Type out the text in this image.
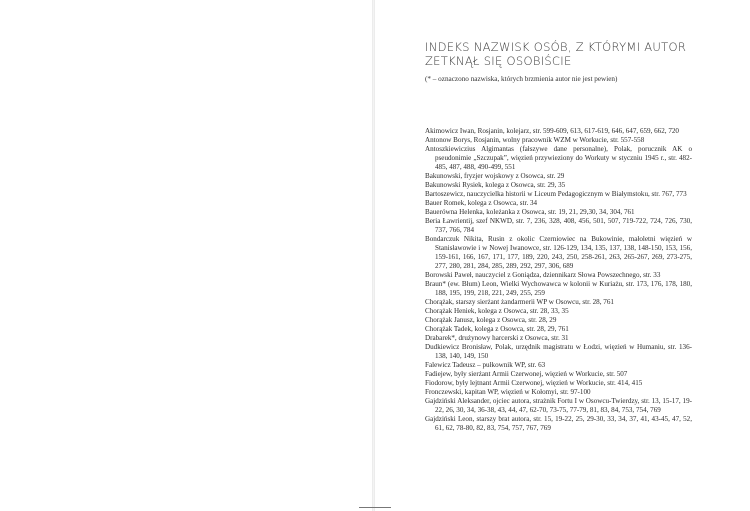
INDEKS NAZWISK OSÓB, Z KTÓRYMI AUTOR
ZETKNĄŁ SIĘ OSOBIŚCIE
(* – oznaczono nazwiska, których brzmienia autor nie jest pewien)
Akimowicz Iwan, Rosjanin, kolejarz, str. 599-609, 613, 617-619, 646, 647, 659, 662, 720
Antonow Borys, Rosjanin, wolny pracownik WZM w Workucie, str. 557-558
Antoszkiewiczius Algimantas (fałszywe dane personalne), Polak, porucznik AK o pseudonimie „Szczupak”, więzień przywieziony do Workuty w styczniu 1945 r., str. 482-485, 487, 488, 490-499, 551
Bakunowski, fryzjer wojskowy z Osowca, str. 29
Bakunowski Rysiek, kolega z Osowca, str. 29, 35
Bartoszewicz, nauczycielka historii w Liceum Pedagogicznym w Białymstoku, str. 767, 773
Bauer Romek, kolega z Osowca, str. 34
Bauerówna Helenka, koleżanka z Osowca, str. 19, 21, 29,30, 34, 304, 761
Beria Ławrientij, szef NKWD, str. 7, 236, 328, 408, 456, 501, 507, 719-722, 724, 726, 730, 737, 766, 784
Bondarczuk Nikita, Rusin z okolic Czerniowiec na Bukowinie, małoletni więzień w Stanisławowie i w Nowej Iwanowce, str. 126-129, 134, 135, 137, 138, 148-150, 153, 156, 159-161, 166, 167, 171, 177, 189, 220, 243, 250, 258-261, 263, 265-267, 269, 273-275, 277, 280, 281, 284, 285, 289, 292, 297, 306, 689
Borowski Paweł, nauczyciel z Goniądza, dziennikarz Słowa Powszechnego, str. 33
Braun* (ew. Błum) Leon, Wielki Wychowawca w kolonii w Kuriażu, str. 173, 176, 178, 180, 188, 195, 199, 218, 221, 249, 255, 259
Chorążak, starszy sierżant żandarmerii WP w Osowcu, str. 28, 761
Chorążak Heniek, kolega z Osowca, str. 28, 33, 35
Chorążak Janusz, kolega z Osowca, str. 28, 29
Chorążak Tadek, kolega z Osowca, str. 28, 29, 761
Drabarek*, drużynowy harcerski z Osowca, str. 31
Dudkiewicz Bronisław, Polak, urzędnik magistratu w Łodzi, więzień w Humaniu, str. 136-138, 140, 149, 150
Falewicz Tadeusz – pułkownik WP, str. 63
Fadiejew, były sierżant Armii Czerwonej, więzień w Workucie, str. 507
Fiodorow, były lejtnant Armii Czerwonej, więzień w Workucie, str. 414, 415
Fronczewski, kapitan WP, więzień w Kołomyi, str. 97-100
Gajdziński Aleksander, ojciec autora, strażnik Fortu I w Osowcu-Twierdzy, str. 13, 15-17, 19-22, 26, 30, 34, 36-38, 43, 44, 47, 62-70, 73-75, 77-79, 81, 83, 84, 753, 754, 769
Gajdziński Leon, starszy brat autora, str. 15, 19-22, 25, 29-30, 33, 34, 37, 41, 43-45, 47, 52, 61, 62, 78-80, 82, 83, 754, 757, 767, 769
